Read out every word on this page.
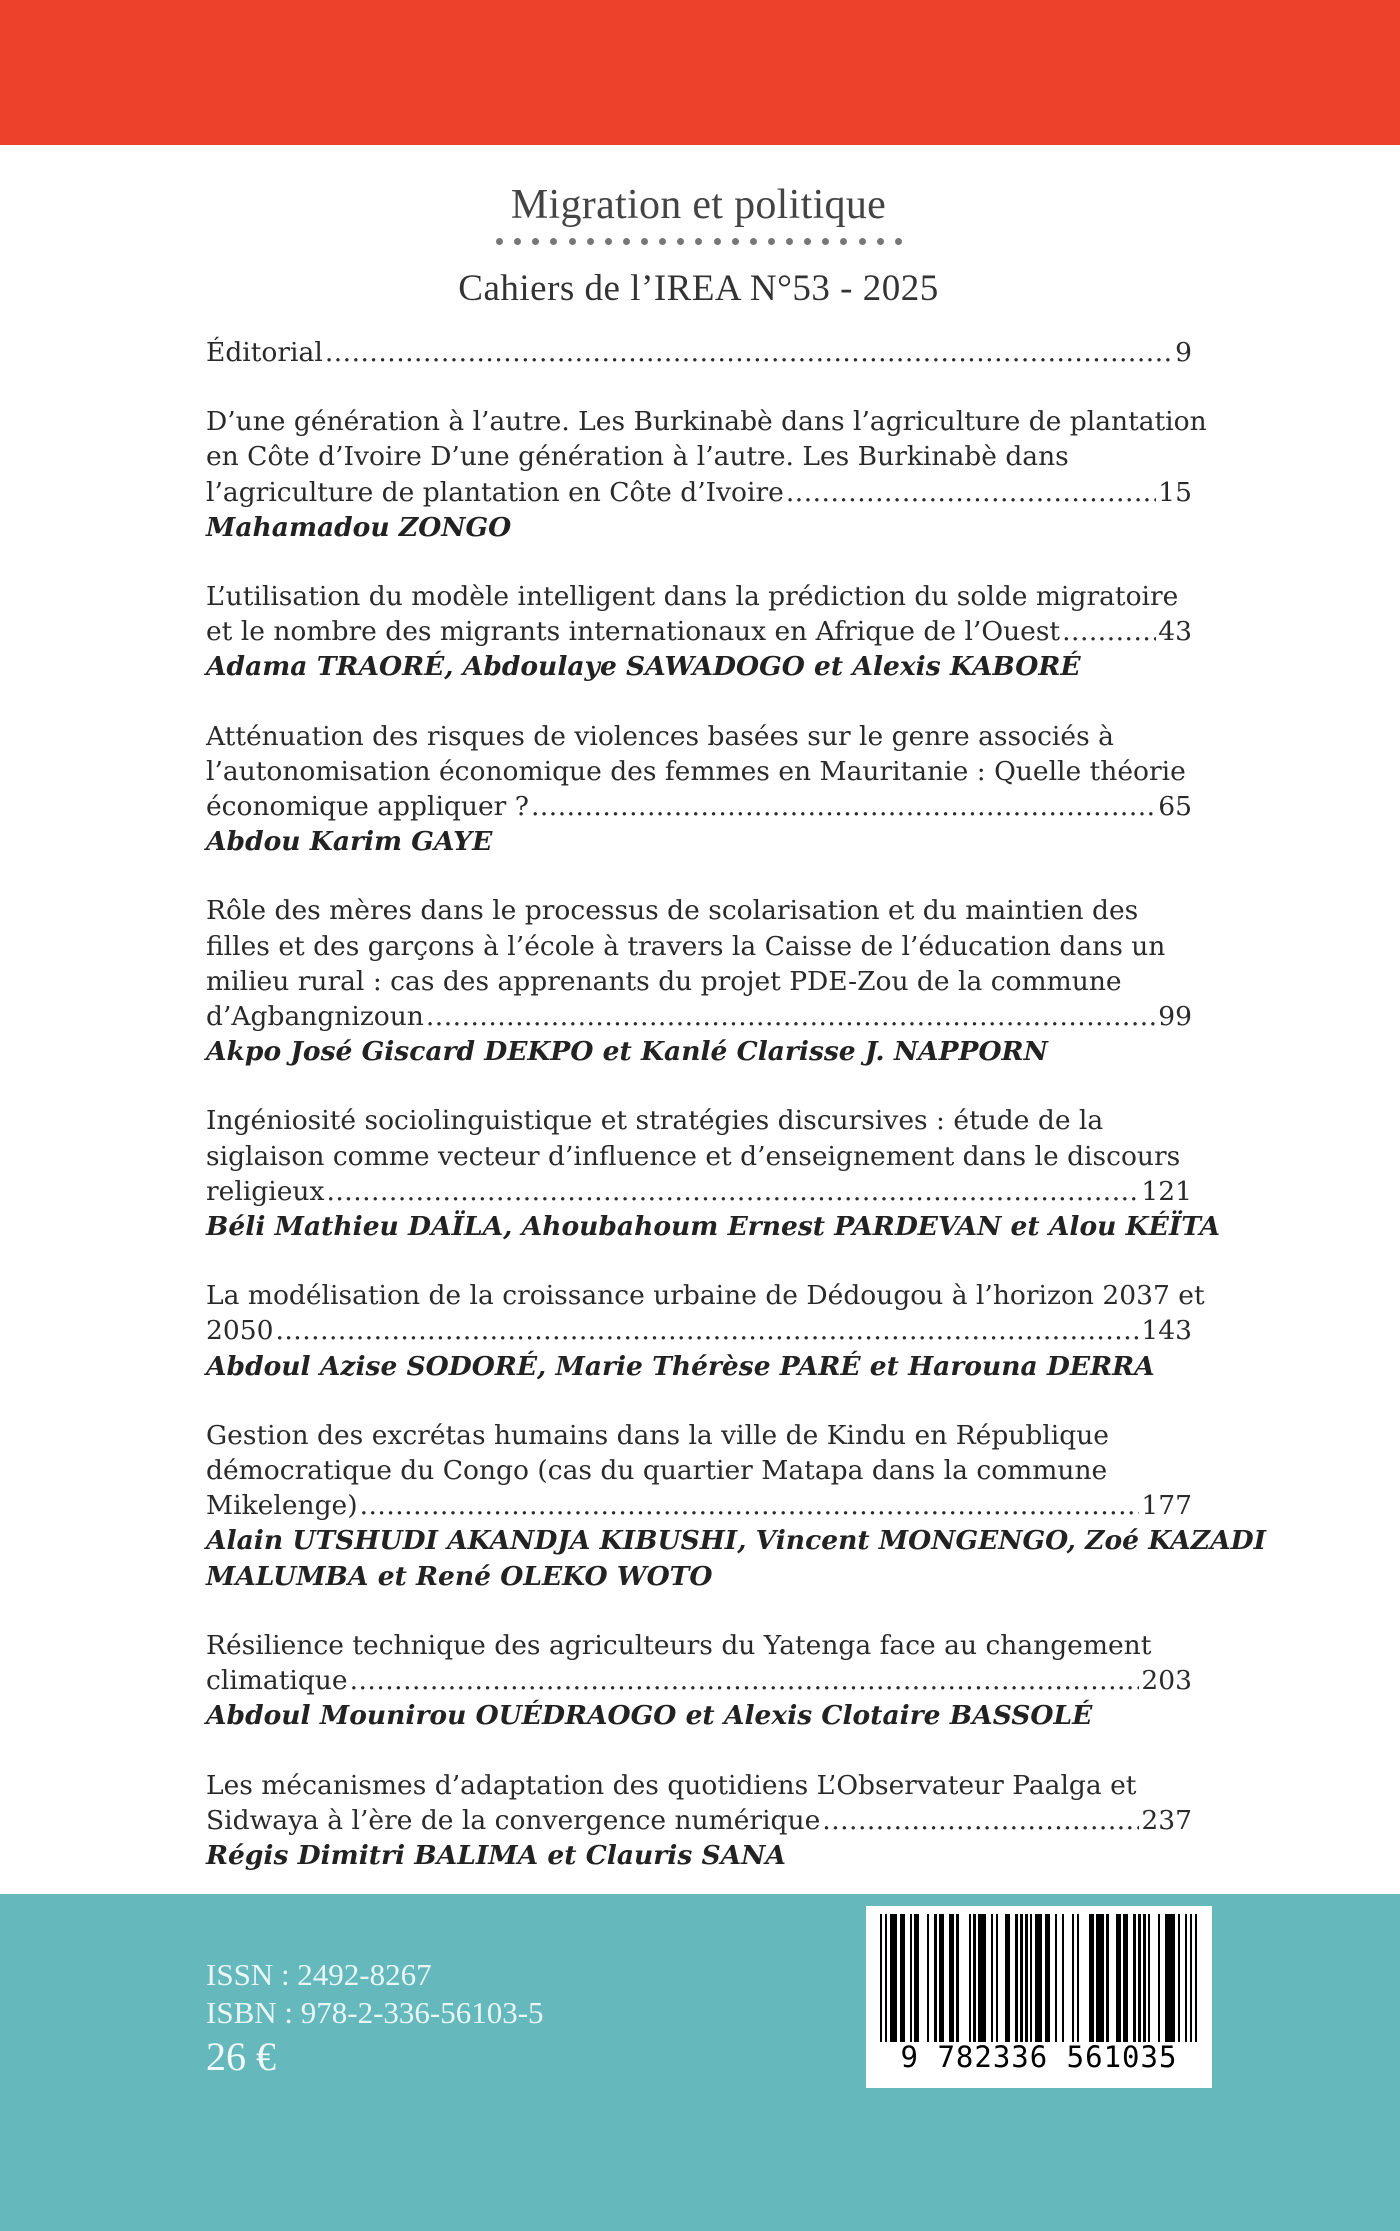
Migration et politique
Cahiers de l’IREA N°53 - 2025
Éditorial .....	9
D’une génération à l’autre. Les Burkinabè dans l’agriculture de plantation
en Côte d’Ivoire D’une génération à l’autre. Les Burkinabè dans
l’agriculture de plantation en Côte d’Ivoire .....	15
Mahamadou ZONGO
L’utilisation du modèle intelligent dans la prédiction du solde migratoire
et le nombre des migrants internationaux en Afrique de l’Ouest .....	43
Adama TRAORÉ, Abdoulaye SAWADOGO et Alexis KABORÉ
Atténuation des risques de violences basées sur le genre associés à
l’autonomisation économique des femmes en Mauritanie : Quelle théorie
économique appliquer ? .....	65
Abdou Karim GAYE
Rôle des mères dans le processus de scolarisation et du maintien des
filles et des garçons à l’école à travers la Caisse de l’éducation dans un
milieu rural : cas des apprenants du projet PDE-Zou de la commune
d’Agbangnizoun .....	99
Akpo José Giscard DEKPO et Kanlé Clarisse J. NAPPORN
Ingéniosité sociolinguistique et stratégies discursives : étude de la
siglaison comme vecteur d’influence et d’enseignement dans le discours
religieux .....	121
Béli Mathieu DAÏLA, Ahoubahoum Ernest PARDEVAN et Alou KÉÏTA
La modélisation de la croissance urbaine de Dédougou à l’horizon 2037 et
2050 .....	143
Abdoul Azise SODORÉ, Marie Thérèse PARÉ et Harouna DERRA
Gestion des excrétas humains dans la ville de Kindu en République
démocratique du Congo (cas du quartier Matapa dans la commune
Mikelenge) .....	177
Alain UTSHUDI AKANDJA KIBUSHI, Vincent MONGENGO, Zoé KAZADI
MALUMBA et René OLEKO WOTO
Résilience technique des agriculteurs du Yatenga face au changement
climatique .....	203
Abdoul Mounirou OUÉDRAOGO et Alexis Clotaire BASSOLÉ
Les mécanismes d’adaptation des quotidiens L’Observateur Paalga et
Sidwaya à l’ère de la convergence numérique .....	237
Régis Dimitri BALIMA et Clauris SANA
ISSN : 2492-8267
ISBN : 978-2-336-56103-5
26 €	9 782336 561035
